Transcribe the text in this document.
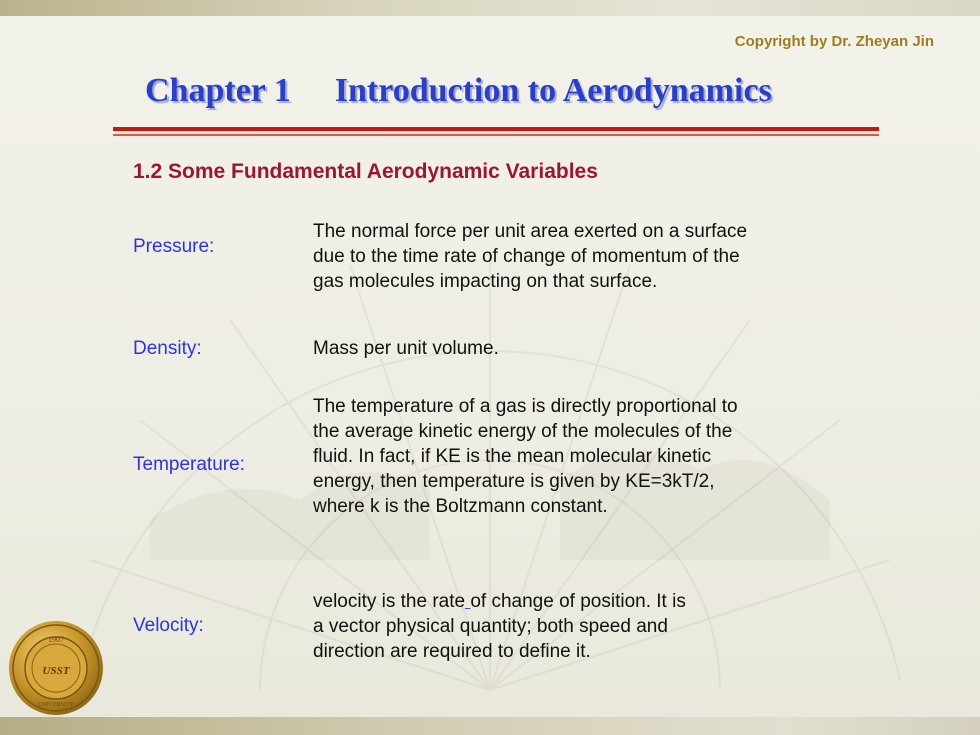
Copyright by Dr. Zheyan Jin
Chapter 1 Introduction to Aerodynamics
1.2 Some Fundamental Aerodynamic Variables
Pressure:
The normal force per unit area exerted on a surface
due to the time rate of change of momentum of the
gas molecules impacting on that surface.
Density:	Mass per unit volume.
Temperature:
The temperature of a gas is directly proportional to
the average kinetic energy of the molecules of the
fluid. In fact, if KE is the mean molecular kinetic
energy, then temperature is given by KE=3kT/2,
where k is the Boltzmann constant.
Velocity:
velocity is the rate of change of position. It is
a vector physical quantity; both speed and
direction are required to define it.
1907
USST
UNIVERSITY
